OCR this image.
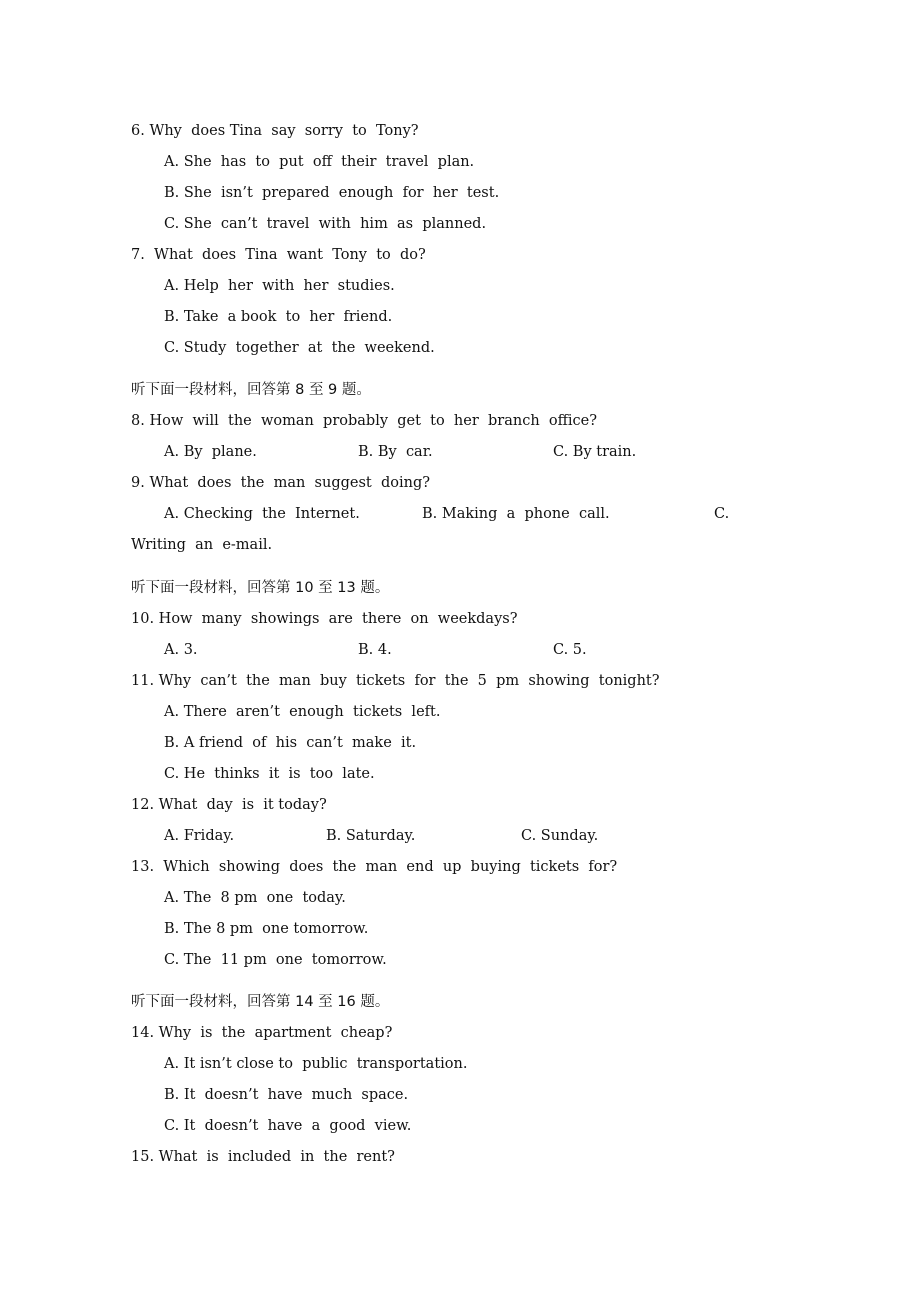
6. Why  does Tina  say  sorry  to  Tony?
A. She  has  to  put  off  their  travel  plan.
B. She  isn’t  prepared  enough  for  her  test.
C. She  can’t  travel  with  him  as  planned.
7.  What  does  Tina  want  Tony  to  do?
A. Help  her  with  her  studies.
B. Take  a book  to  her  friend.
C. Study  together  at  the  weekend.
听下面一段材料，回答第 8 至 9 题。
8. How  will  the  woman  probably  get  to  her  branch  office?
A. By  plane.	B. By  car.	C. By train.
9. What  does  the  man  suggest  doing?
A. Checking  the  Internet.	B. Making  a  phone  call.	C.
Writing  an  e-mail.
听下面一段材料，回答第 10 至 13 题。
10. How  many  showings  are  there  on  weekdays?
A. 3.	B. 4.	C. 5.
11. Why  can’t  the  man  buy  tickets  for  the  5  pm  showing  tonight?
A. There  aren’t  enough  tickets  left.
B. A friend  of  his  can’t  make  it.
C. He  thinks  it  is  too  late.
12. What  day  is  it today?
A. Friday.	B. Saturday.	C. Sunday.
13.  Which  showing  does  the  man  end  up  buying  tickets  for?
A. The  8 pm  one  today.
B. The 8 pm  one tomorrow.
C. The  11 pm  one  tomorrow.
听下面一段材料，回答第 14 至 16 题。
14. Why  is  the  apartment  cheap?
A. It isn’t close to  public  transportation.
B. It  doesn’t  have  much  space.
C. It  doesn’t  have  a  good  view.
15. What  is  included  in  the  rent?
